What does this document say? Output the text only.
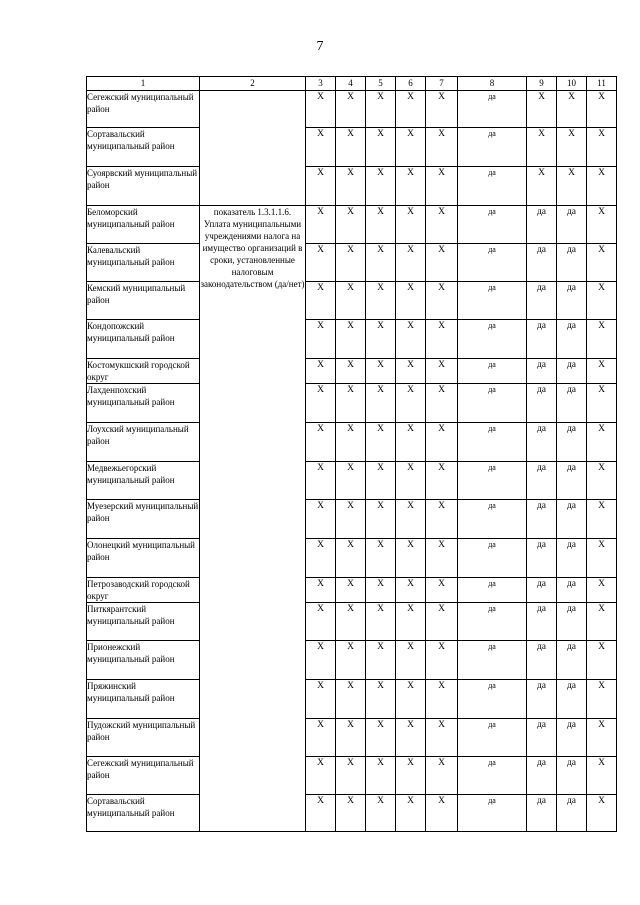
7
1	2	3	4	5	6	7	8	9	10	11
Сегежский муниципальный район		X	X	X	X	X	да	X	X	X
Сортавальский муниципальный район		X	X	X	X	X	да	X	X	X
Суоярвский муниципальный район		X	X	X	X	X	да	X	X	X
Беломорский муниципальный район	показатель 1.3.1.1.6. Уплата муниципальными учреждениями налога на имущество организаций в сроки, установленные налоговым законодательством (да/нет)	X	X	X	X	X	да	да	да	X
Калевальский муниципальный район		X	X	X	X	X	да	да	да	X
Кемский муниципальный район		X	X	X	X	X	да	да	да	X
Кондопожский муниципальный район		X	X	X	X	X	да	да	да	X
Костомукшский городской округ		X	X	X	X	X	да	да	да	X
Лахденпохский муниципальный район		X	X	X	X	X	да	да	да	X
Лоухский муниципальный район		X	X	X	X	X	да	да	да	X
Медвежьегорский муниципальный район		X	X	X	X	X	да	да	да	X
Муезерский муниципальный район		X	X	X	X	X	да	да	да	X
Олонецкий муниципальный район		X	X	X	X	X	да	да	да	X
Петрозаводский городской округ		X	X	X	X	X	да	да	да	X
Питкярантский муниципальный район		X	X	X	X	X	да	да	да	X
Прионежский муниципальный район		X	X	X	X	X	да	да	да	X
Пряжинский муниципальный район		X	X	X	X	X	да	да	да	X
Пудожский муниципальный район		X	X	X	X	X	да	да	да	X
Сегежский муниципальный район		X	X	X	X	X	да	да	да	X
Сортавальский муниципальный район		X	X	X	X	X	да	да	да	X
